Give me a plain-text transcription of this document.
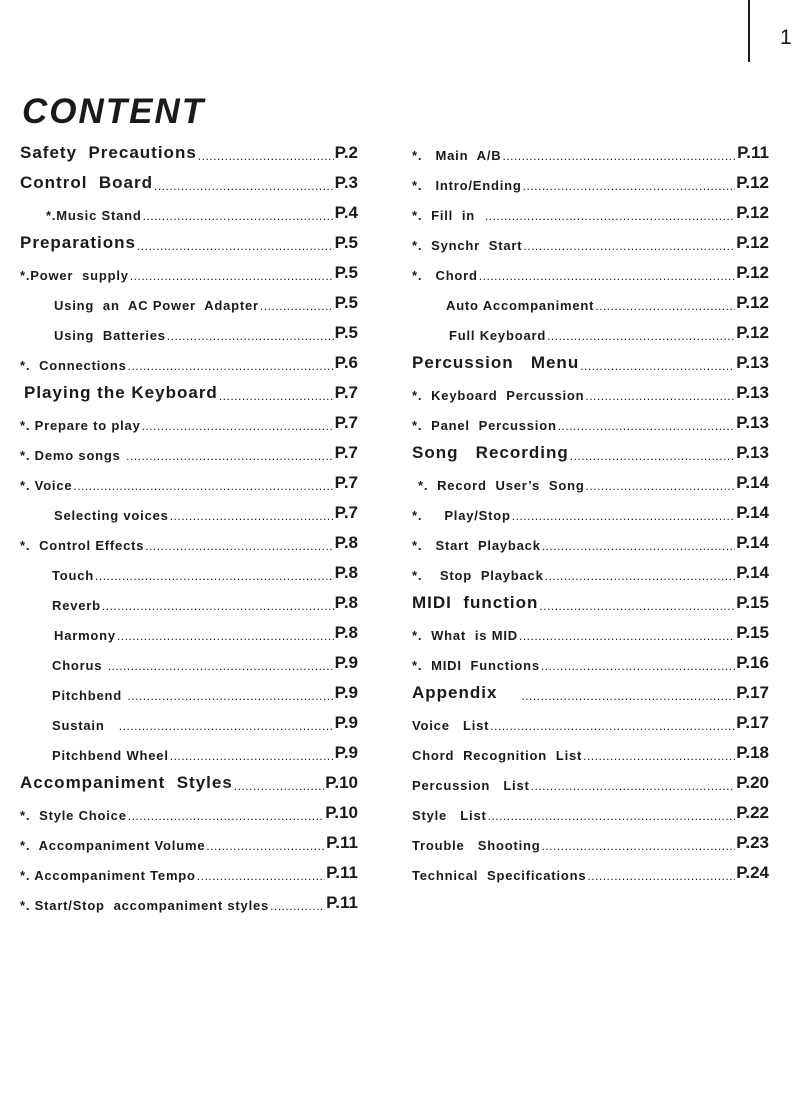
1
CONTENT
Safety  Precautions .....	P.2
Control  Board .....	P.3
*.Music Stand .....	P.4
Preparations .....	P.5
*.Power  supply .....	P.5
Using  an  AC Power  Adapter .....	P.5
Using  Batteries .....	P.5
*.  Connections .....	P.6
Playing the Keyboard .....	P.7
*. Prepare to play .....	P.7
*. Demo songs .....	P.7
*. Voice .....	P.7
Selecting voices .....	P.7
*.  Control Effects .....	P.8
Touch .....	P.8
Reverb .....	P.8
Harmony .....	P.8
Chorus .....	P.9
Pitchbend .....	P.9
Sustain .....	P.9
Pitchbend Wheel .....	P.9
Accompaniment  Styles .....	P.10
*.  Style Choice .....	P.10
*.  Accompaniment Volume .....	P.11
*. Accompaniment Tempo .....	P.11
*. Start/Stop  accompaniment styles .....	P.11
*.   Main  A/B .....	P.11
*.   Intro/Ending .....	P.12
*.  Fill  in .....	P.12
*.  Synchr  Start .....	P.12
*.   Chord .....	P.12
Auto Accompaniment .....	P.12
Full Keyboard .....	P.12
Percussion   Menu .....	P.13
*.  Keyboard  Percussion .....	P.13
*.  Panel  Percussion .....	P.13
Song   Recording .....	P.13
*.  Record  User’s  Song .....	P.14
*.     Play/Stop .....	P.14
*.   Start  Playback .....	P.14
*.    Stop  Playback .....	P.14
MIDI  function .....	P.15
*.  What  is MID .....	P.15
*.  MIDI  Functions .....	P.16
Appendix .....	P.17
Voice   List .....	P.17
Chord  Recognition  List .....	P.18
Percussion   List .....	P.20
Style   List .....	P.22
Trouble   Shooting .....	P.23
Technical  Specifications .....	P.24
